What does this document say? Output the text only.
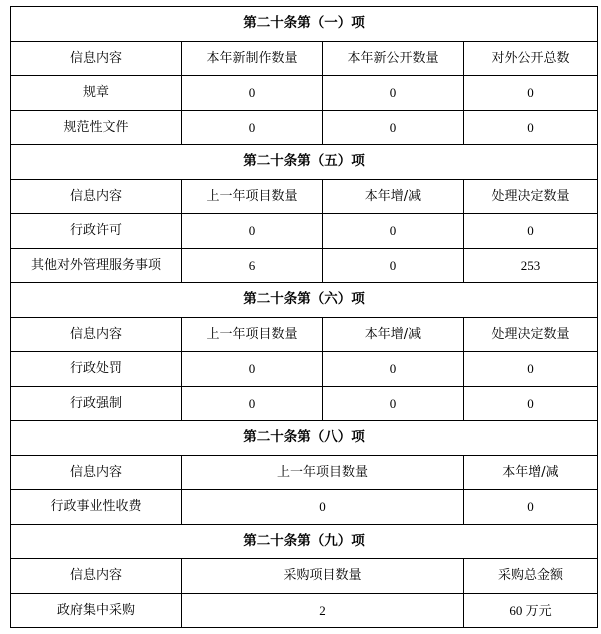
第二十条第（一）项			
信息内容	本年新制作数量	本年新公开数量	对外公开总数
规章	0	0	0
规范性文件	0	0	0
第二十条第（五）项			
信息内容	上一年项目数量	本年增/减	处理决定数量
行政许可	0	0	0
其他对外管理服务事项	6	0	253
第二十条第（六）项			
信息内容	上一年项目数量	本年增/减	处理决定数量
行政处罚	0	0	0
行政强制	0	0	0
第二十条第（八）项			
信息内容	上一年项目数量		本年增/减
行政事业性收费	0		0
第二十条第（九）项			
信息内容	采购项目数量		采购总金额
政府集中采购	2		60 万元
